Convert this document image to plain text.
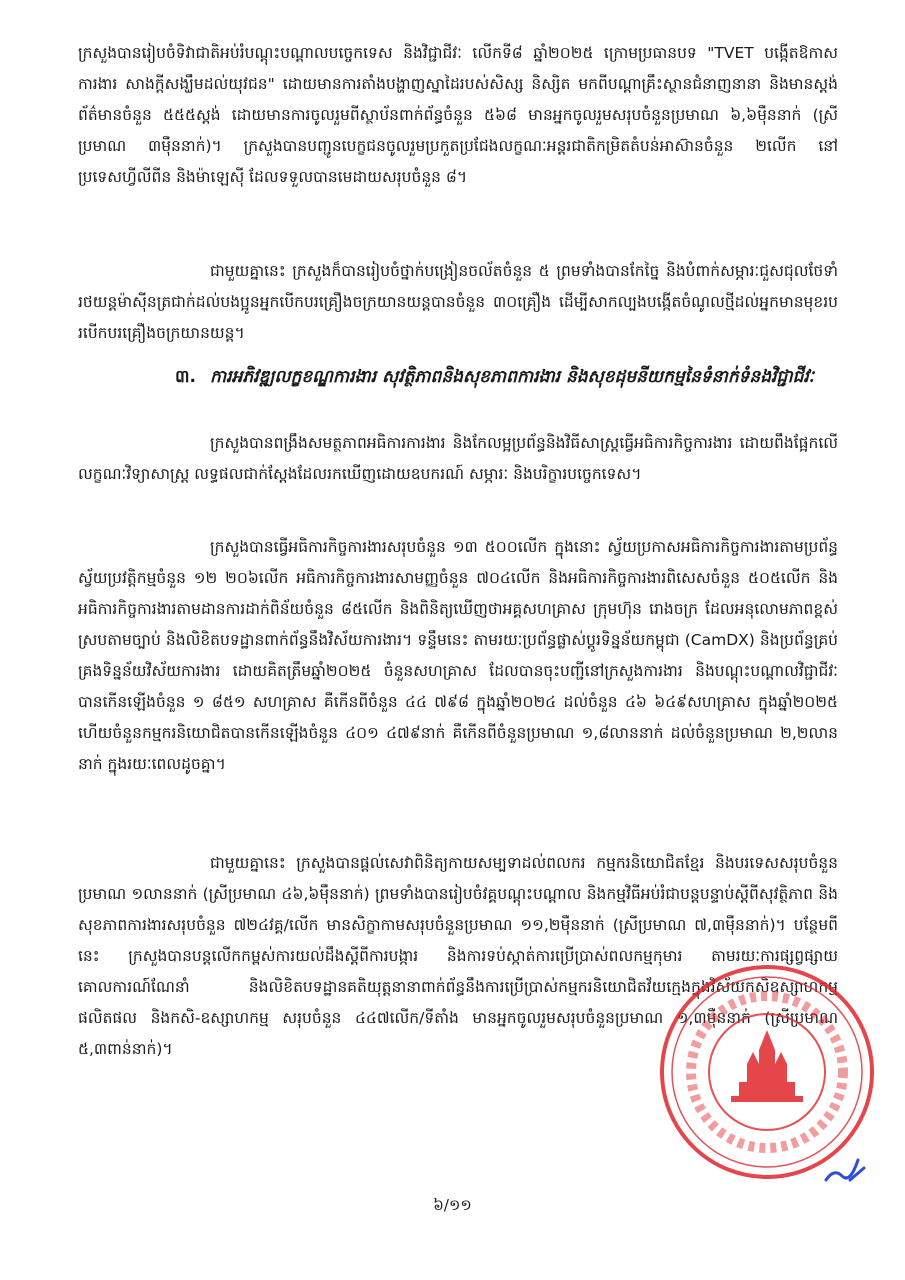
ក្រសួងបានរៀបចំទិវាជាតិអប់រំបណ្តុះបណ្តាលបច្ចេកទេស និងវិជ្ជាជីវៈ លើកទី៨ ឆ្នាំ២០២៥ ក្រោមប្រធានបទ "TVET បង្កើតឱកាសការងារ សាងក្តីសង្ឃឹមដល់យុវជន" ដោយមានការតាំងបង្ហាញស្នាដៃរបស់សិស្ស និស្សិត មកពីបណ្តាគ្រឹះស្ថានជំនាញនានា និងមានស្តង់ព័ត៌មានចំនួន ៥៥៥ស្តង់ ដោយមានការចូលរួមពីស្ថាប័នពាក់ព័ន្ធចំនួន ៥៦៨ មានអ្នកចូលរួមសរុបចំនួនប្រមាណ ៦,៦ម៉ឺននាក់ (ស្រីប្រមាណ ៣ម៉ឺននាក់)។ ក្រសួងបានបញ្ជូនបេក្ខជនចូលរួមប្រកួតប្រជែងលក្ខណៈអន្តរជាតិកម្រិតតំបន់អាស៊ានចំនួន ២លើក នៅប្រទេសហ្វីលីពីន និងម៉ាឡេស៊ី ដែលទទួលបានមេដាយសរុបចំនួន ៨។

ជាមួយគ្នានេះ ក្រសួងក៏បានរៀបចំថ្នាក់បង្រៀនចល័តចំនួន ៥ ព្រមទាំងបានកែច្នៃ និងបំពាក់សម្ភារៈជួសជុលថែទាំរថយន្តម៉ាស៊ីនត្រជាក់ដល់បងប្អូនអ្នកបើកបរគ្រឿងចក្រយានយន្តបានចំនួន ៣០គ្រឿង ដើម្បីសាកល្បងបង្កើតចំណូលថ្មីដល់អ្នកមានមុខរបរបើកបរគ្រឿងចក្រយានយន្ត។

៣. ការអភិវឌ្ឍលក្ខខណ្ឌការងារ សុវត្ថិភាពនិងសុខភាពការងារ និងសុខដុមនីយកម្មនៃទំនាក់ទំនងវិជ្ជាជីវៈ

ក្រសួងបានពង្រឹងសមត្ថភាពអធិការការងារ និងកែលម្អប្រព័ន្ធនិងវិធីសាស្ត្រធ្វើអធិការកិច្ចការងារ ដោយពឹងផ្អែកលើលក្ខណៈវិទ្យាសាស្ត្រ លទ្ធផលជាក់ស្តែងដែលរកឃើញដោយឧបករណ៍ សម្ភារៈ និងបរិក្ខារបច្ចេកទេស។

ក្រសួងបានធ្វើអធិការកិច្ចការងារសរុបចំនួន ១៣ ៥០០លើក ក្នុងនោះ ស្វ័យប្រកាសអធិការកិច្ចការងារតាមប្រព័ន្ធស្វ័យប្រវត្តិកម្មចំនួន ១២ ២០៦លើក អធិការកិច្ចការងារសាមញ្ញចំនួន ៧០៤លើក និងអធិការកិច្ចការងារពិសេសចំនួន ៥០៥លើក និងអធិការកិច្ចការងារតាមដានការដាក់ពិន័យចំនួន ៨៥លើក និងពិនិត្យឃើញថាអគ្គសហគ្រាស ក្រុមហ៊ុន រោងចក្រ ដែលអនុលោមភាពខ្ពស់ស្របតាមច្បាប់ និងលិខិតបទដ្ឋានពាក់ព័ន្ធនឹងវិស័យការងារ។ ទន្ទឹមនេះ តាមរយៈប្រព័ន្ធផ្លាស់ប្តូរទិន្នន័យកម្ពុជា (CamDX) និងប្រព័ន្ធគ្រប់គ្រងទិន្នន័យវិស័យការងារ ដោយគិតត្រឹមឆ្នាំ២០២៥ ចំនួនសហគ្រាស ដែលបានចុះបញ្ជីនៅក្រសួងការងារ និងបណ្តុះបណ្តាលវិជ្ជាជីវៈ បានកើនឡើងចំនួន ១ ៨៥១ សហគ្រាស គឺកើនពីចំនួន ៤៤ ៧៩៨ ក្នុងឆ្នាំ២០២៤ ដល់ចំនួន ៤៦ ៦៤៩សហគ្រាស ក្នុងឆ្នាំ២០២៥ ហើយចំនួនកម្មករនិយោជិតបានកើនឡើងចំនួន ៤០១ ៤៧៩នាក់ គឺកើនពីចំនួនប្រមាណ ១,៨លាននាក់ ដល់ចំនួនប្រមាណ ២,២លាននាក់ ក្នុងរយៈពេលដូចគ្នា។

ជាមួយគ្នានេះ ក្រសួងបានផ្តល់សេវាពិនិត្យកាយសម្បទាដល់ពលករ កម្មករនិយោជិតខ្មែរ និងបរទេសសរុបចំនួនប្រមាណ ១លាននាក់ (ស្រីប្រមាណ ៤៦,៦ម៉ឺននាក់) ព្រមទាំងបានរៀបចំវគ្គបណ្តុះបណ្តាល និងកម្មវិធីអប់រំជាបន្តបន្ទាប់ស្តីពីសុវត្ថិភាព និងសុខភាពការងារសរុបចំនួន ៧២៤វគ្គ/លើក មានសិក្ខាកាមសរុបចំនួនប្រមាណ ១១,២ម៉ឺននាក់ (ស្រីប្រមាណ ៧,៣ម៉ឺននាក់)។ បន្ថែមពីនេះ ក្រសួងបានបន្តលើកកម្ពស់ការយល់ដឹងស្តីពីការបង្ការ និងការទប់ស្កាត់ការប្រើប្រាស់ពលកម្មកុមារ តាមរយៈការផ្សព្វផ្សាយគោលការណ៍ណែនាំ និងលិខិតបទដ្ឋានគតិយុត្តនានាពាក់ព័ន្ធនឹងការប្រើប្រាស់កម្មករនិយោជិតវ័យក្មេងក្នុងវិស័យកសិឧស្សាហកម្ម ផលិតផល និងកសិ-ឧស្សាហកម្ម សរុបចំនួន ៤៤៧លើក/ទីតាំង មានអ្នកចូលរួមសរុបចំនួនប្រមាណ ១,៣ម៉ឺននាក់ (ស្រីប្រមាណ ៥,៣ពាន់នាក់)។

៦/១១
